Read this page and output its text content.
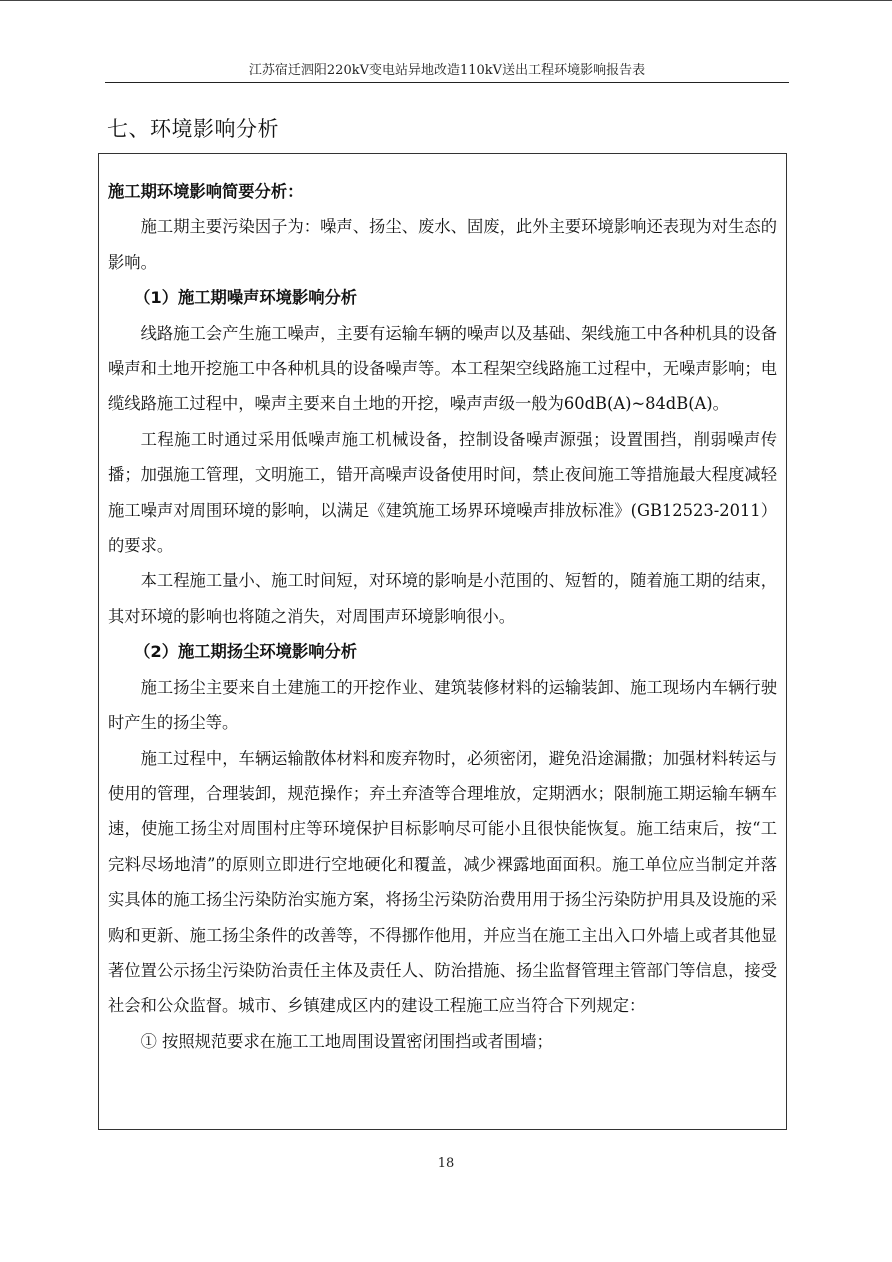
江苏宿迁泗阳220kV变电站异地改造110kV送出工程环境影响报告表
七、环境影响分析

施工期环境影响简要分析：

施工期主要污染因子为：噪声、扬尘、废水、固废，此外主要环境影响还表现为对生态的影响。

（1）施工期噪声环境影响分析

线路施工会产生施工噪声，主要有运输车辆的噪声以及基础、架线施工中各种机具的设备噪声和土地开挖施工中各种机具的设备噪声等。本工程架空线路施工过程中，无噪声影响；电缆线路施工过程中，噪声主要来自土地的开挖，噪声声级一般为60dB(A)~84dB(A)。

工程施工时通过采用低噪声施工机械设备，控制设备噪声源强；设置围挡，削弱噪声传播；加强施工管理，文明施工，错开高噪声设备使用时间，禁止夜间施工等措施最大程度减轻施工噪声对周围环境的影响，以满足《建筑施工场界环境噪声排放标准》(GB12523-2011）的要求。

本工程施工量小、施工时间短，对环境的影响是小范围的、短暂的，随着施工期的结束，其对环境的影响也将随之消失，对周围声环境影响很小。

（2）施工期扬尘环境影响分析

施工扬尘主要来自土建施工的开挖作业、建筑装修材料的运输装卸、施工现场内车辆行驶时产生的扬尘等。

施工过程中，车辆运输散体材料和废弃物时，必须密闭，避免沿途漏撒；加强材料转运与使用的管理，合理装卸，规范操作；弃土弃渣等合理堆放，定期洒水；限制施工期运输车辆车速，使施工扬尘对周围村庄等环境保护目标影响尽可能小且很快能恢复。施工结束后，按“工完料尽场地清”的原则立即进行空地硬化和覆盖，减少裸露地面面积。施工单位应当制定并落实具体的施工扬尘污染防治实施方案，将扬尘污染防治费用用于扬尘污染防护用具及设施的采购和更新、施工扬尘条件的改善等，不得挪作他用，并应当在施工主出入口外墙上或者其他显著位置公示扬尘污染防治责任主体及责任人、防治措施、扬尘监督管理主管部门等信息，接受社会和公众监督。城市、乡镇建成区内的建设工程施工应当符合下列规定：

① 按照规范要求在施工工地周围设置密闭围挡或者围墙；

18
